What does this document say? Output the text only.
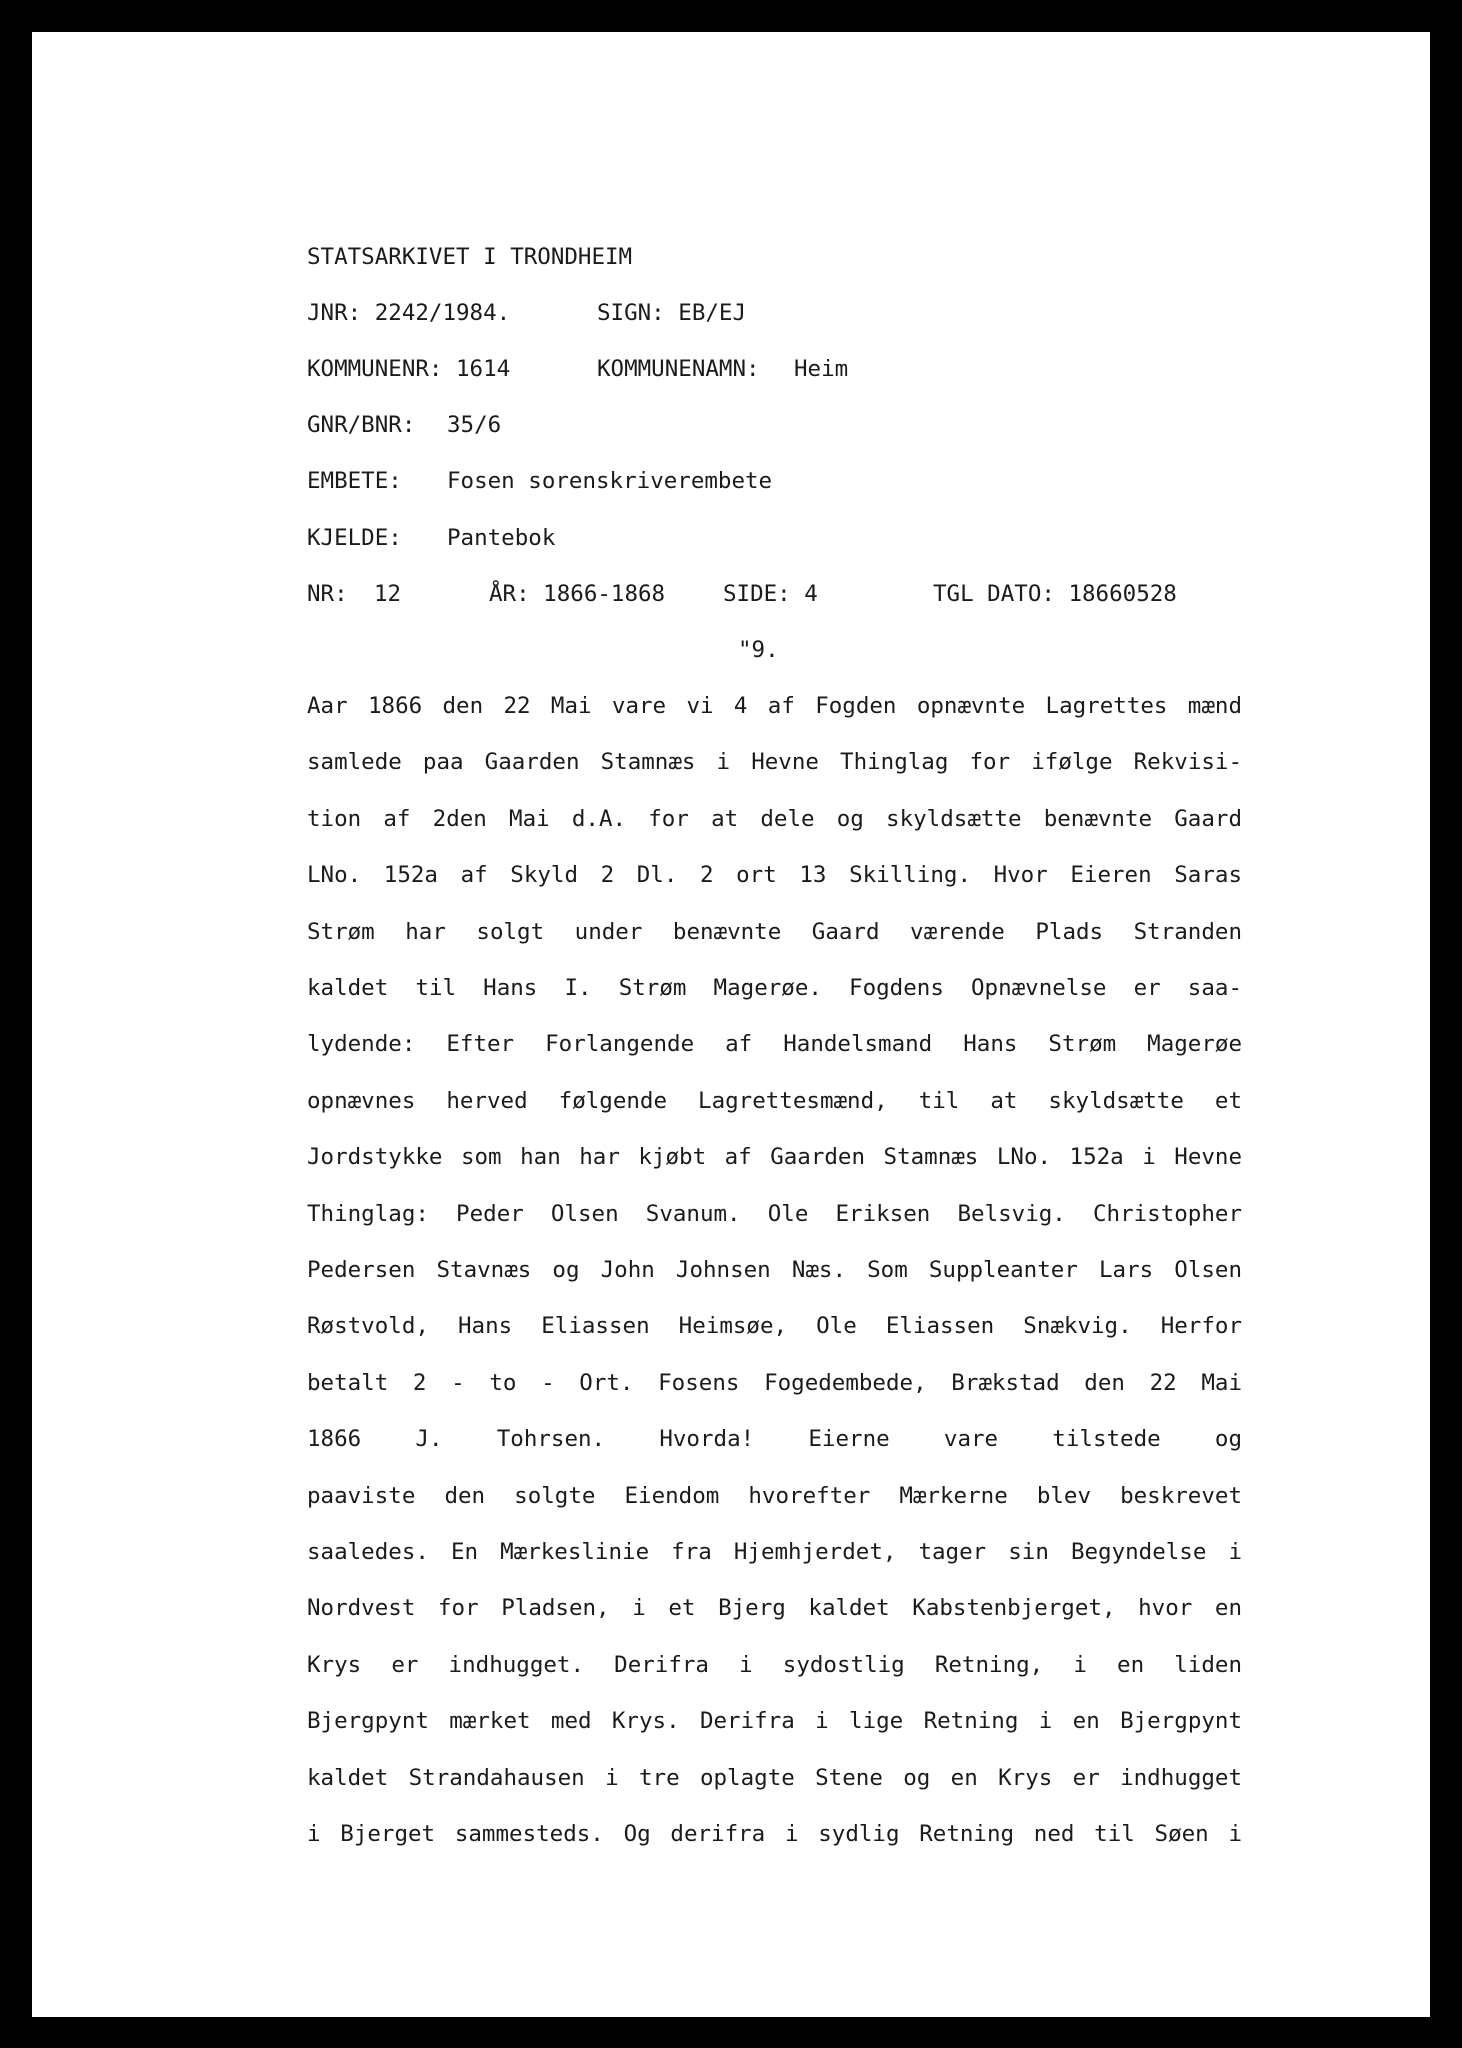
STATSARKIVET I TRONDHEIM
JNR: 2242/1984.	SIGN: EB/EJ
KOMMUNENR: 1614	KOMMUNENAMN: Heim
GNR/BNR: 35/6
EMBETE: Fosen sorenskriverembete
KJELDE: Pantebok
NR: 12	ÅR: 1866-1868	SIDE: 4	TGL DATO: 18660528
"9.
Aar 1866 den 22 Mai vare vi 4 af Fogden opnævnte Lagrettes mænd
samlede paa Gaarden Stamnæs i Hevne Thinglag for ifølge Rekvisi-
tion af 2den Mai d.A. for at dele og skyldsætte benævnte Gaard
LNo. 152a af Skyld 2 Dl. 2 ort 13 Skilling. Hvor Eieren Saras
Strøm har solgt under benævnte Gaard værende Plads Stranden
kaldet til Hans I. Strøm Magerøe. Fogdens Opnævnelse er saa-
lydende: Efter Forlangende af Handelsmand Hans Strøm Magerøe
opnævnes herved følgende Lagrettesmænd, til at skyldsætte et
Jordstykke som han har kjøbt af Gaarden Stamnæs LNo. 152a i Hevne
Thinglag: Peder Olsen Svanum. Ole Eriksen Belsvig. Christopher
Pedersen Stavnæs og John Johnsen Næs. Som Suppleanter Lars Olsen
Røstvold, Hans Eliassen Heimsøe, Ole Eliassen Snækvig. Herfor
betalt 2 - to - Ort. Fosens Fogedembede, Brækstad den 22 Mai
1866 J. Tohrsen. Hvorda! Eierne vare tilstede og
paaviste den solgte Eiendom hvorefter Mærkerne blev beskrevet
saaledes. En Mærkeslinie fra Hjemhjerdet, tager sin Begyndelse i
Nordvest for Pladsen, i et Bjerg kaldet Kabstenbjerget, hvor en
Krys er indhugget. Derifra i sydostlig Retning, i en liden
Bjergpynt mærket med Krys. Derifra i lige Retning i en Bjergpynt
kaldet Strandahausen i tre oplagte Stene og en Krys er indhugget
i Bjerget sammesteds. Og derifra i sydlig Retning ned til Søen i
